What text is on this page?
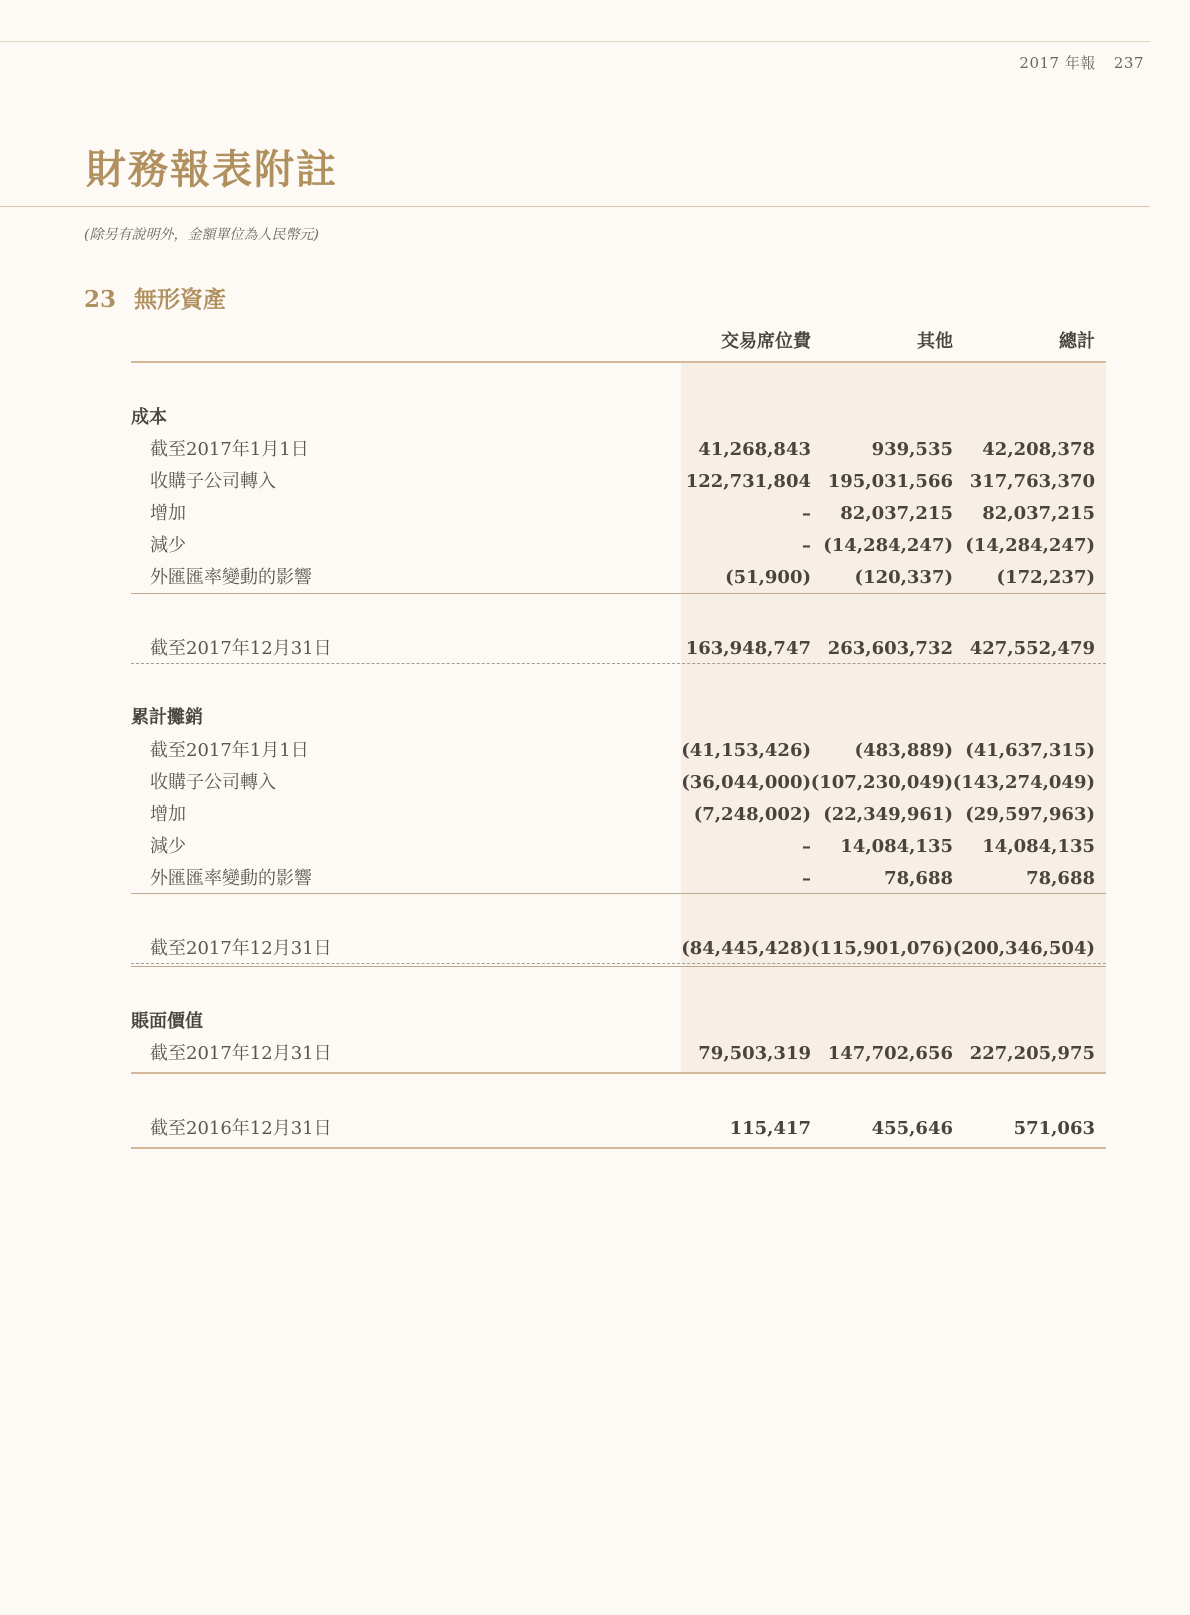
2017 年報 237
財務報表附註
(除另有說明外，金額單位為人民幣元)
23 無形資產
交易席位費	其他	總計
成本
截至2017年1月1日	41,268,843	939,535 42,208,378
收購子公司轉入	122,731,804 195,031,566 317,763,370
增加	– 82,037,215 82,037,215
減少	– (14,284,247) (14,284,247)
外匯匯率變動的影響	(51,900) (120,337) (172,237)
截至2017年12月31日	163,948,747 263,603,732 427,552,479
累計攤銷
截至2017年1月1日	(41,153,426) (483,889) (41,637,315)
收購子公司轉入	(36,044,000) (107,230,049) (143,274,049)
增加	(7,248,002) (22,349,961) (29,597,963)
減少	– 14,084,135 14,084,135
外匯匯率變動的影響	–	78,688	78,688
截至2017年12月31日	(84,445,428) (115,901,076) (200,346,504)
賬面價值
截至2017年12月31日	79,503,319 147,702,656 227,205,975
截至2016年12月31日	115,417	455,646	571,063
